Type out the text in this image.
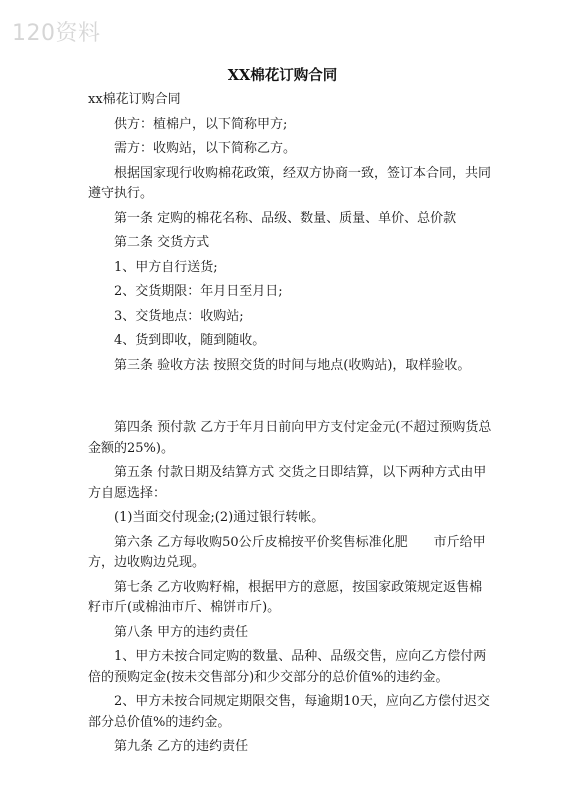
120资料
XX棉花订购合同

xx棉花订购合同

供方：植棉户，以下简称甲方;

需方：收购站，以下简称乙方。

根据国家现行收购棉花政策，经双方协商一致，签订本合同，共同遵守执行。

第一条 定购的棉花名称、品级、数量、质量、单价、总价款

第二条 交货方式

1、甲方自行送货;

2、交货期限：年月日至月日;

3、交货地点：收购站;

4、货到即收，随到随收。

第三条 验收方法 按照交货的时间与地点(收购站)，取样验收。

第四条 预付款 乙方于年月日前向甲方支付定金元(不超过预购货总金额的25%)。

第五条 付款日期及结算方式 交货之日即结算，以下两种方式由甲方自愿选择：

(1)当面交付现金;(2)通过银行转帐。

第六条 乙方每收购50公斤皮棉按平价奖售标准化肥　　市斤给甲方，边收购边兑现。

第七条 乙方收购籽棉，根据甲方的意愿，按国家政策规定返售棉籽市斤(或棉油市斤、棉饼市斤)。

第八条 甲方的违约责任

1、甲方未按合同定购的数量、品种、品级交售，应向乙方偿付两倍的预购定金(按未交售部分)和少交部分的总价值%的违约金。

2、甲方未按合同规定期限交售，每逾期10天，应向乙方偿付迟交部分总价值%的违约金。

第九条 乙方的违约责任
